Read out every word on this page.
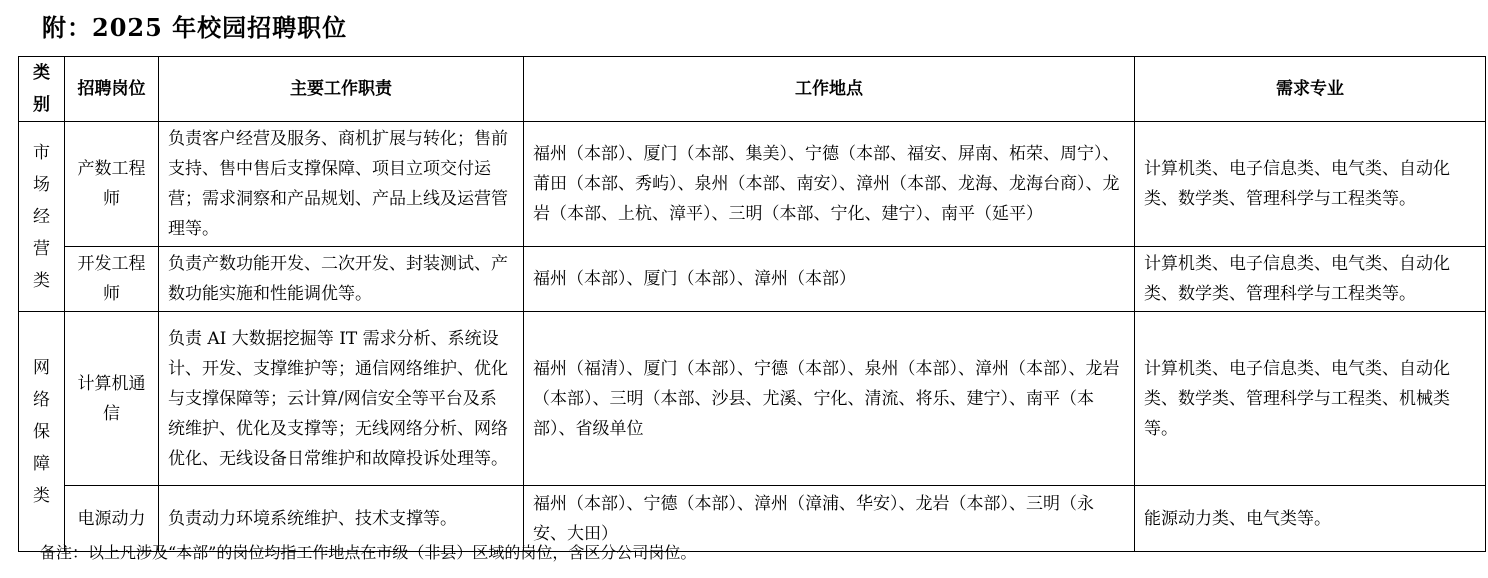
附：2025 年校园招聘职位
类别	招聘岗位	主要工作职责	工作地点	需求专业
市场经营类	产数工程师	负责客户经营及服务、商机扩展与转化；售前支持、售中售后支撑保障、项目立项交付运营；需求洞察和产品规划、产品上线及运营管理等。	福州（本部）、厦门（本部、集美）、宁德（本部、福安、屏南、柘荣、周宁）、莆田（本部、秀屿）、泉州（本部、南安）、漳州（本部、龙海、龙海台商）、龙岩（本部、上杭、漳平）、三明（本部、宁化、建宁）、南平（延平）	计算机类、电子信息类、电气类、自动化类、数学类、管理科学与工程类等。
	开发工程师	负责产数功能开发、二次开发、封装测试、产数功能实施和性能调优等。	福州（本部）、厦门（本部）、漳州（本部）	计算机类、电子信息类、电气类、自动化类、数学类、管理科学与工程类等。
网络保障类	计算机通信	负责 AI 大数据挖掘等 IT 需求分析、系统设计、开发、支撑维护等；通信网络维护、优化与支撑保障等；云计算/网信安全等平台及系统维护、优化及支撑等；无线网络分析、网络优化、无线设备日常维护和故障投诉处理等。	福州（福清）、厦门（本部）、宁德（本部）、泉州（本部）、漳州（本部）、龙岩（本部）、三明（本部、沙县、尤溪、宁化、清流、将乐、建宁）、南平（本部）、省级单位	计算机类、电子信息类、电气类、自动化类、数学类、管理科学与工程类、机械类等。
	电源动力	负责动力环境系统维护、技术支撑等。	福州（本部）、宁德（本部）、漳州（漳浦、华安）、龙岩（本部）、三明（永安、大田）	能源动力类、电气类等。
备注：以上凡涉及“本部”的岗位均指工作地点在市级（非县）区域的岗位，含区分公司岗位。
